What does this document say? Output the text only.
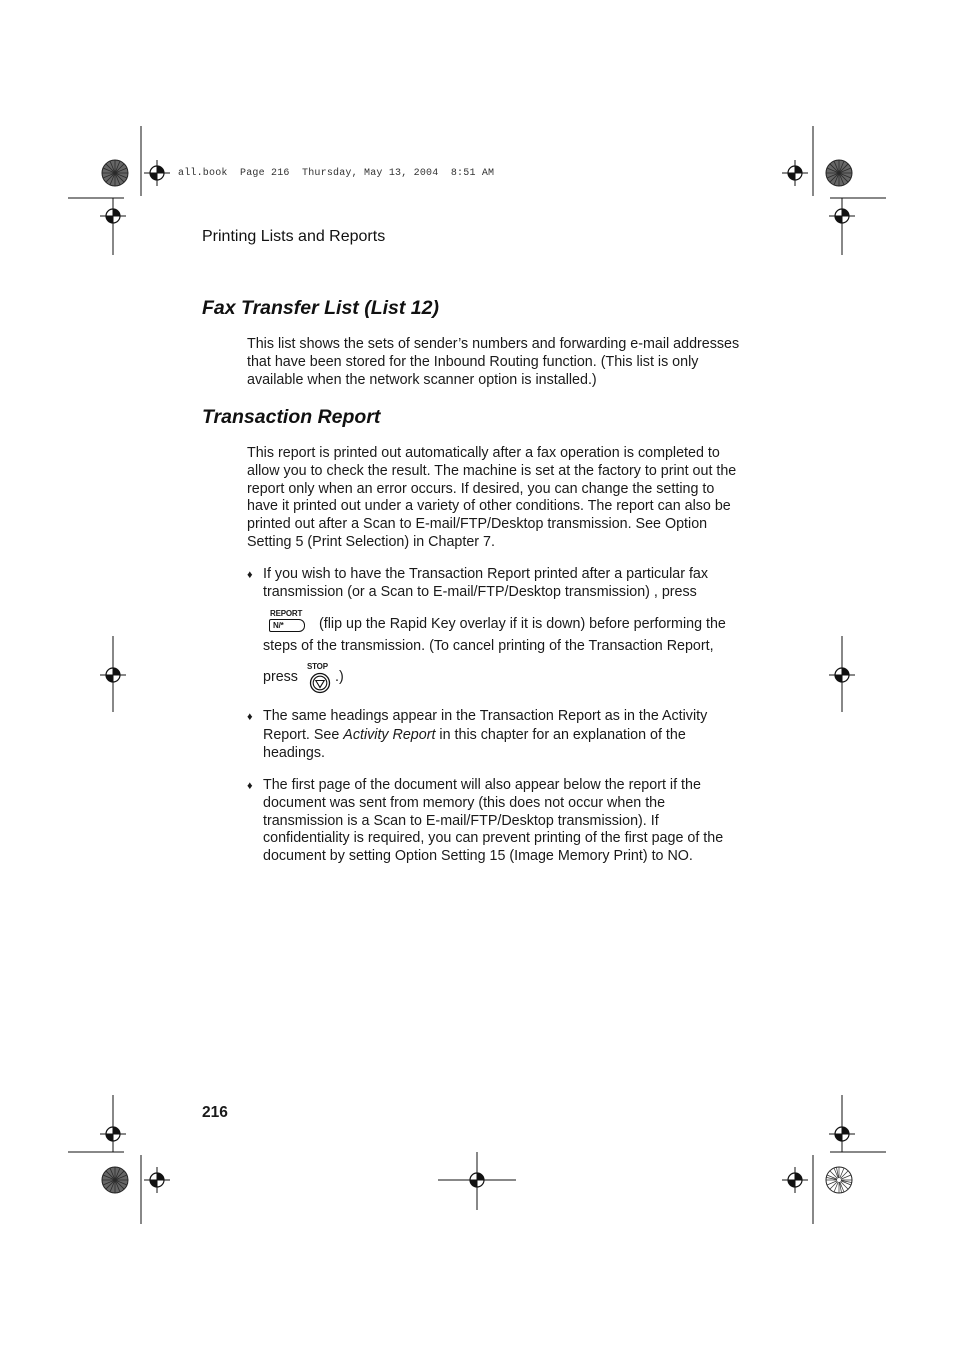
all.book  Page 216  Thursday, May 13, 2004  8:51 AM
Printing Lists and Reports
Fax Transfer List (List 12)
This list shows the sets of sender’s numbers and forwarding e-mail addresses
that have been stored for the Inbound Routing function. (This list is only
available when the network scanner option is installed.)
Transaction Report
This report is printed out automatically after a fax operation is completed to
allow you to check the result. The machine is set at the factory to print out the
report only when an error occurs. If desired, you can change the setting to
have it printed out under a variety of other conditions. The report can also be
printed out after a Scan to E-mail/FTP/Desktop transmission. See Option
Setting 5 (Print Selection) in Chapter 7.
♦ If you wish to have the Transaction Report printed after a particular fax
transmission (or a Scan to E-mail/FTP/Desktop transmission) , press
REPORT
N/* (flip up the Rapid Key overlay if it is down) before performing the
steps of the transmission. (To cancel printing of the Transaction Report,
press
STOP
.)
♦ The same headings appear in the Transaction Report as in the Activity
Report. See Activity Report in this chapter for an explanation of the
headings.
♦ The first page of the document will also appear below the report if the
document was sent from memory (this does not occur when the
transmission is a Scan to E-mail/FTP/Desktop transmission). If
confidentiality is required, you can prevent printing of the first page of the
document by setting Option Setting 15 (Image Memory Print) to NO.
216
